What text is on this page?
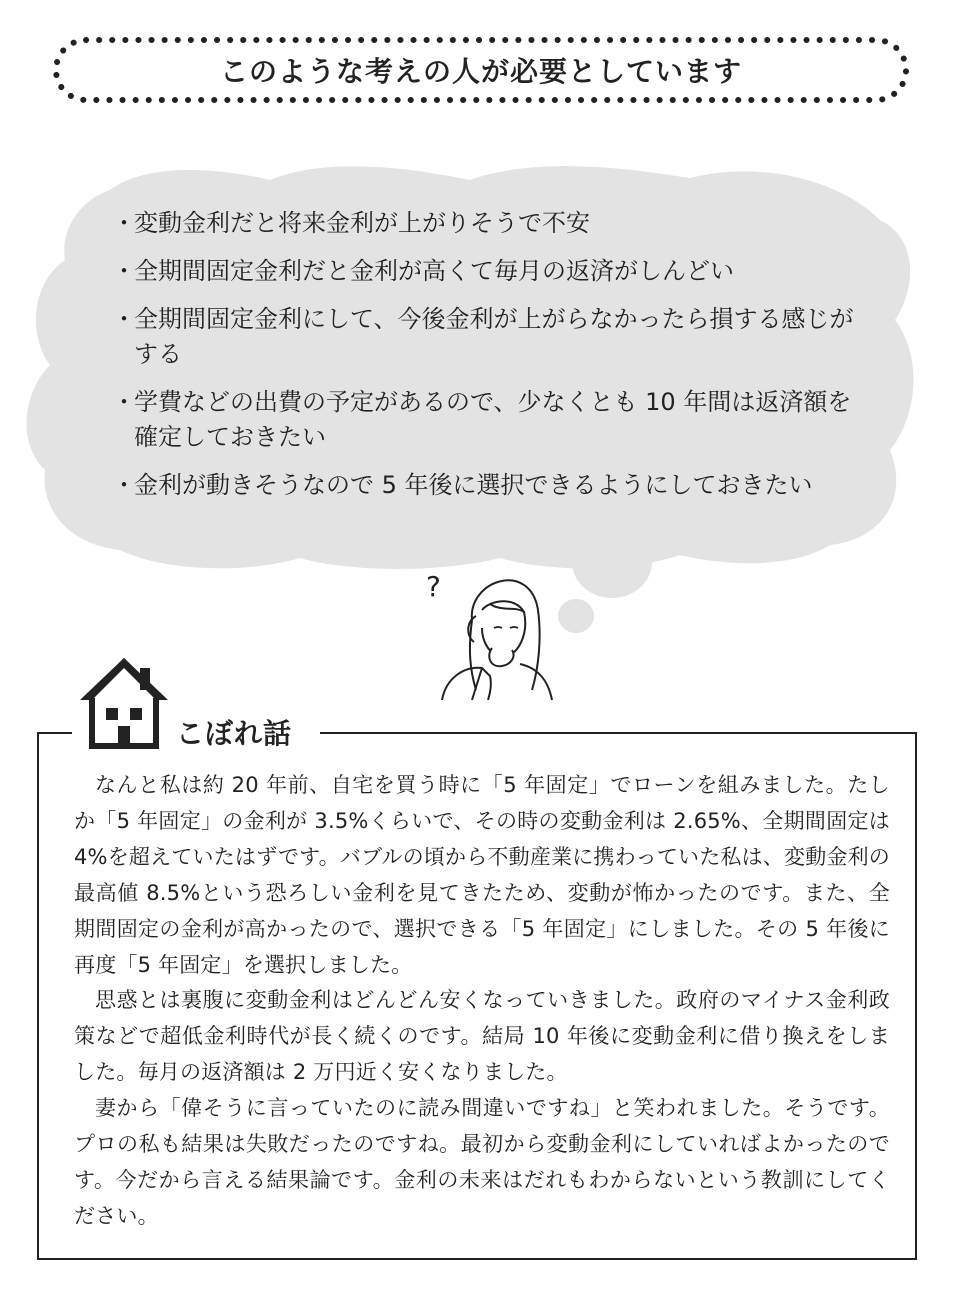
このような考えの人が必要としています
・
変動金利だと将来金利が上がりそうで不安
・
全期間固定金利だと金利が高くて毎月の返済がしんどい
・
全期間固定金利にして、今後金利が上がらなかったら損する感じがする
・
学費などの出費の予定があるので、少なくとも 10 年間は返済額を確定しておきたい
・
金利が動きそうなので 5 年後に選択できるようにしておきたい
?
こぼれ話

なんと私は約 20 年前、自宅を買う時に「5 年固定」でローンを組みました。たしか「5 年固定」の金利が 3.5%くらいで、その時の変動金利は 2.65%、全期間固定は 4%を超えていたはずです。バブルの頃から不動産業に携わっていた私は、変動金利の最高値 8.5%という恐ろしい金利を見てきたため、変動が怖かったのです。また、全期間固定の金利が高かったので、選択できる「5 年固定」にしました。その 5 年後に再度「5 年固定」を選択しました。

思惑とは裏腹に変動金利はどんどん安くなっていきました。政府のマイナス金利政策などで超低金利時代が長く続くのです。結局 10 年後に変動金利に借り換えをしました。毎月の返済額は 2 万円近く安くなりました。

妻から「偉そうに言っていたのに読み間違いですね」と笑われました。そうです。プロの私も結果は失敗だったのですね。最初から変動金利にしていればよかったのです。今だから言える結果論です。金利の未来はだれもわからないという教訓にしてください。
